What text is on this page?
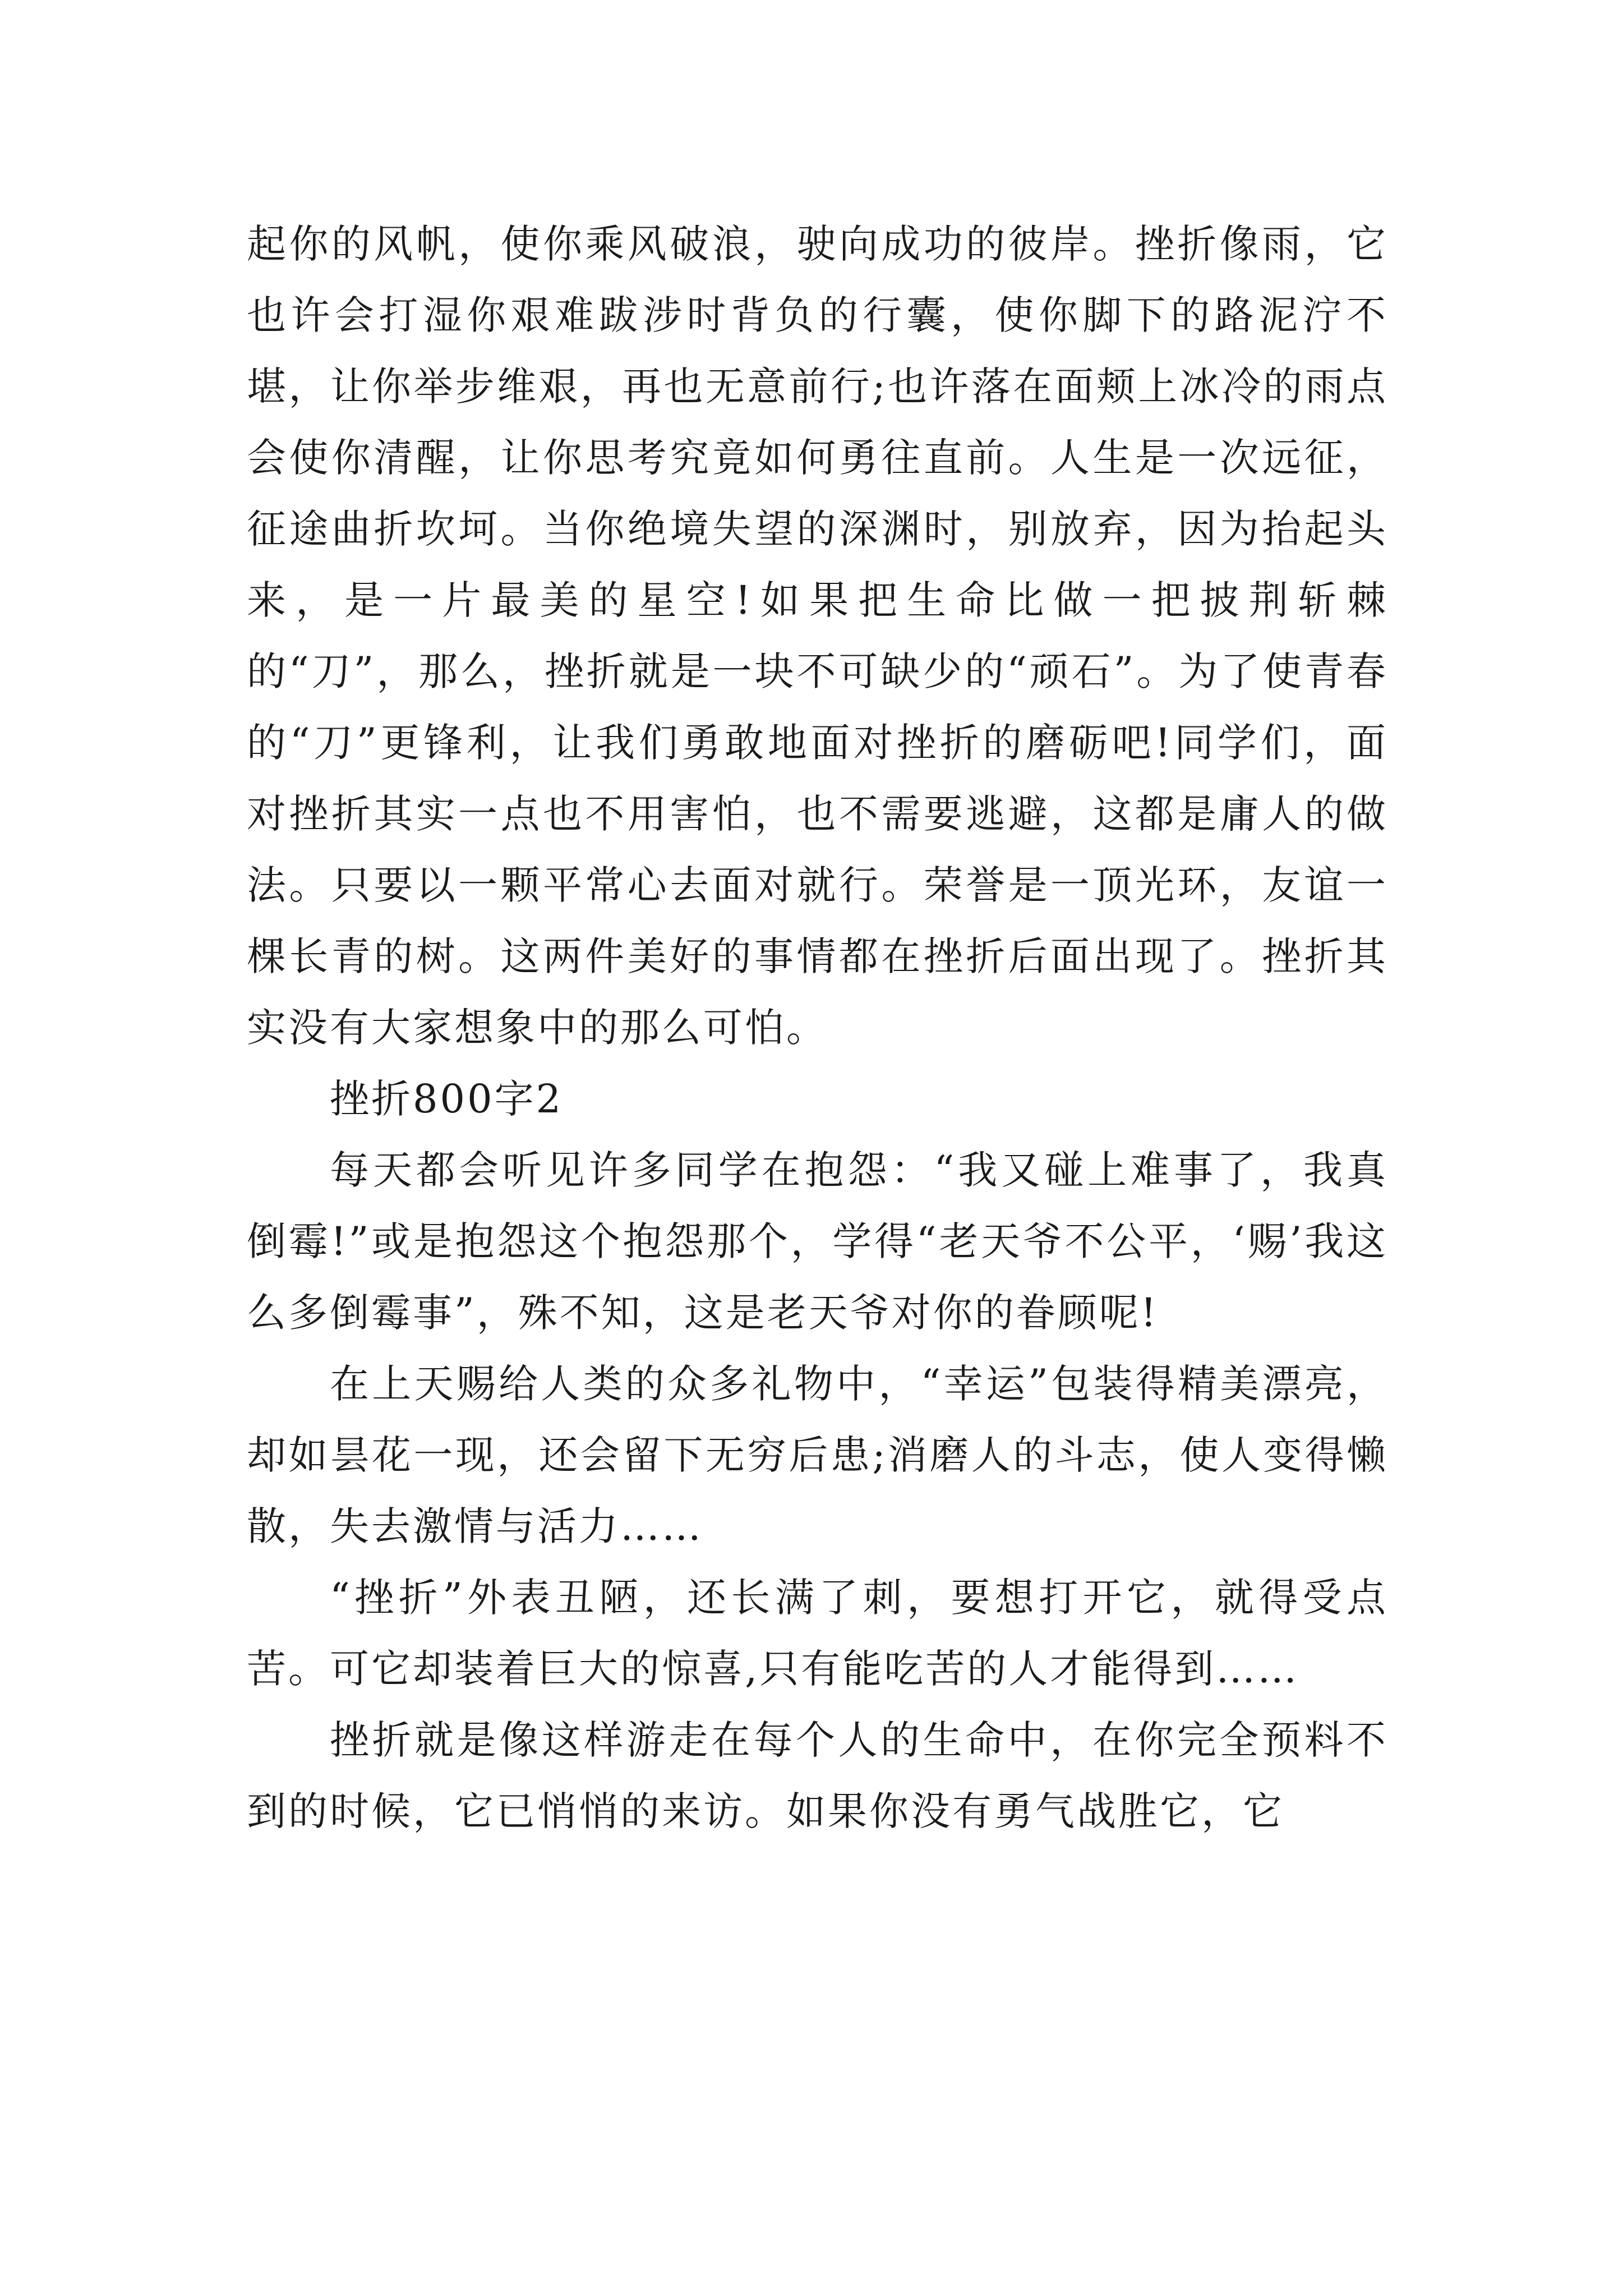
起你的风帆，使你乘风破浪，驶向成功的彼岸。挫折像雨，它也许会打湿你艰难跋涉时背负的行囊，使你脚下的路泥泞不堪，让你举步维艰，再也无意前行;也许落在面颊上冰冷的雨点会使你清醒，让你思考究竟如何勇往直前。人生是一次远征，征途曲折坎坷。当你绝境失望的深渊时，别放弃，因为抬起头来，是一片最美的星空!如果把生命比做一把披荆斩棘的“刀”，那么，挫折就是一块不可缺少的“顽石”。为了使青春的“刀”更锋利，让我们勇敢地面对挫折的磨砺吧!同学们，面对挫折其实一点也不用害怕，也不需要逃避，这都是庸人的做法。只要以一颗平常心去面对就行。荣誉是一顶光环，友谊一棵长青的树。这两件美好的事情都在挫折后面出现了。挫折其实没有大家想象中的那么可怕。

挫折800字2

每天都会听见许多同学在抱怨：“我又碰上难事了，我真倒霉!”或是抱怨这个抱怨那个，学得“老天爷不公平，‘赐’我这么多倒霉事”，殊不知，这是老天爷对你的眷顾呢!

在上天赐给人类的众多礼物中，“幸运”包装得精美漂亮，却如昙花一现，还会留下无穷后患;消磨人的斗志，使人变得懒散，失去激情与活力……

“挫折”外表丑陋，还长满了刺，要想打开它，就得受点苦。可它却装着巨大的惊喜,只有能吃苦的人才能得到……

挫折就是像这样游走在每个人的生命中，在你完全预料不到的时候，它已悄悄的来访。如果你没有勇气战胜它，它
